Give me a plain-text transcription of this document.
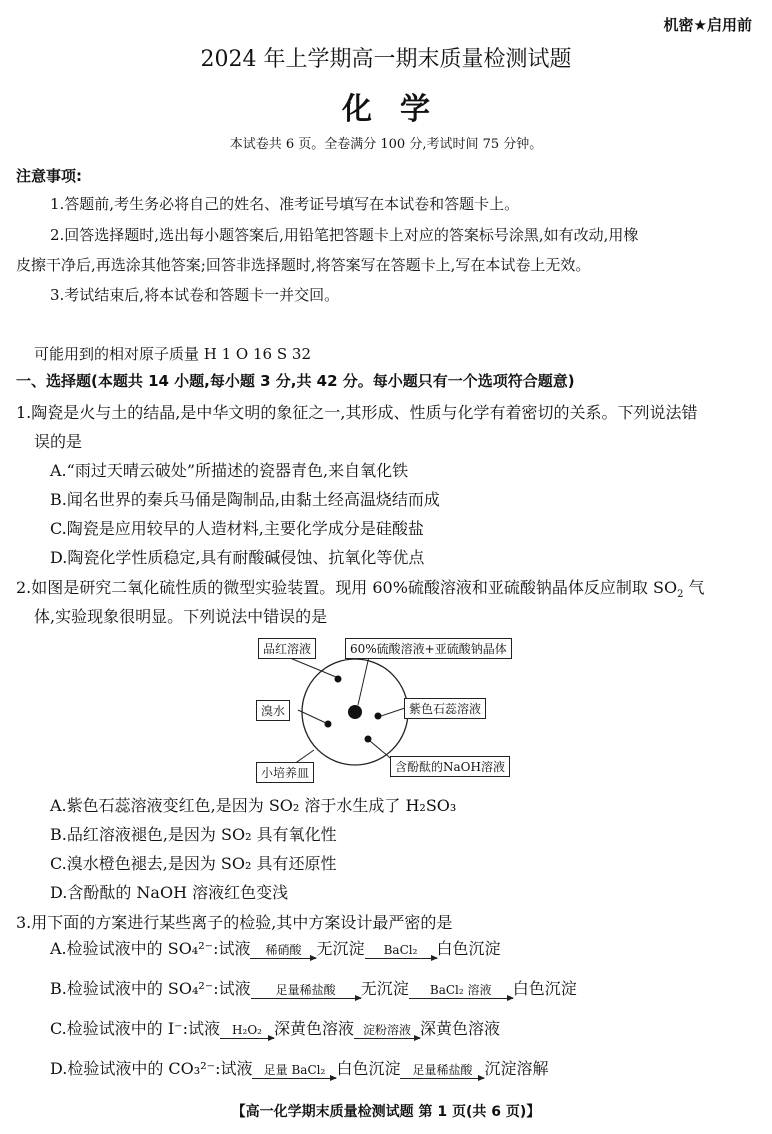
机密★启用前
2024 年上学期高一期末质量检测试题
化学
本试卷共 6 页。全卷满分 100 分,考试时间 75 分钟。
注意事项:
1.答题前,考生务必将自己的姓名、准考证号填写在本试卷和答题卡上。
2.回答选择题时,选出每小题答案后,用铅笔把答题卡上对应的答案标号涂黑,如有改动,用橡
皮擦干净后,再选涂其他答案;回答非选择题时,将答案写在答题卡上,写在本试卷上无效。
3.考试结束后,将本试卷和答题卡一并交回。
可能用到的相对原子质量 H 1 O 16 S 32
一、选择题(本题共 14 小题,每小题 3 分,共 42 分。每小题只有一个选项符合题意)
1.陶瓷是火与土的结晶,是中华文明的象征之一,其形成、性质与化学有着密切的关系。下列说法错
误的是
A.“雨过天晴云破处”所描述的瓷器青色,来自氧化铁
B.闻名世界的秦兵马俑是陶制品,由黏土经高温烧结而成
C.陶瓷是应用较早的人造材料,主要化学成分是硅酸盐
D.陶瓷化学性质稳定,具有耐酸碱侵蚀、抗氧化等优点
2.如图是研究二氧化硫性质的微型实验装置。现用 60%硫酸溶液和亚硫酸钠晶体反应制取 $SO_2$ 气
体,实验现象很明显。下列说法中错误的是
品红溶液	60%硫酸溶液+亚硫酸钠晶体
溴水	紫色石蕊溶液
小培养皿	含酚酞的NaOH溶液
A.紫色石蕊溶液变红色,是因为 SO₂ 溶于水生成了 H₂SO₃
B.品红溶液褪色,是因为 SO₂ 具有氧化性
C.溴水橙色褪去,是因为 SO₂ 具有还原性
D.含酚酞的 NaOH 溶液红色变浅
3.用下面的方案进行某些离子的检验,其中方案设计最严密的是
A.检验试液中的 SO₄²⁻:试液	稀硝酸 无沉淀	BaCl₂	白色沉淀
B.检验试液中的 SO₄²⁻:试液	足量稀盐酸	无沉淀	BaCl₂ 溶液	白色沉淀
C.检验试液中的 I⁻:试液	H₂O₂ 深黄色溶液 淀粉溶液 深黄色溶液
D.检验试液中的 CO₃²⁻:试液 足量 BaCl₂ 白色沉淀 足量稀盐酸 沉淀溶解
【高一化学期末质量检测试题 第 1 页(共 6 页)】
